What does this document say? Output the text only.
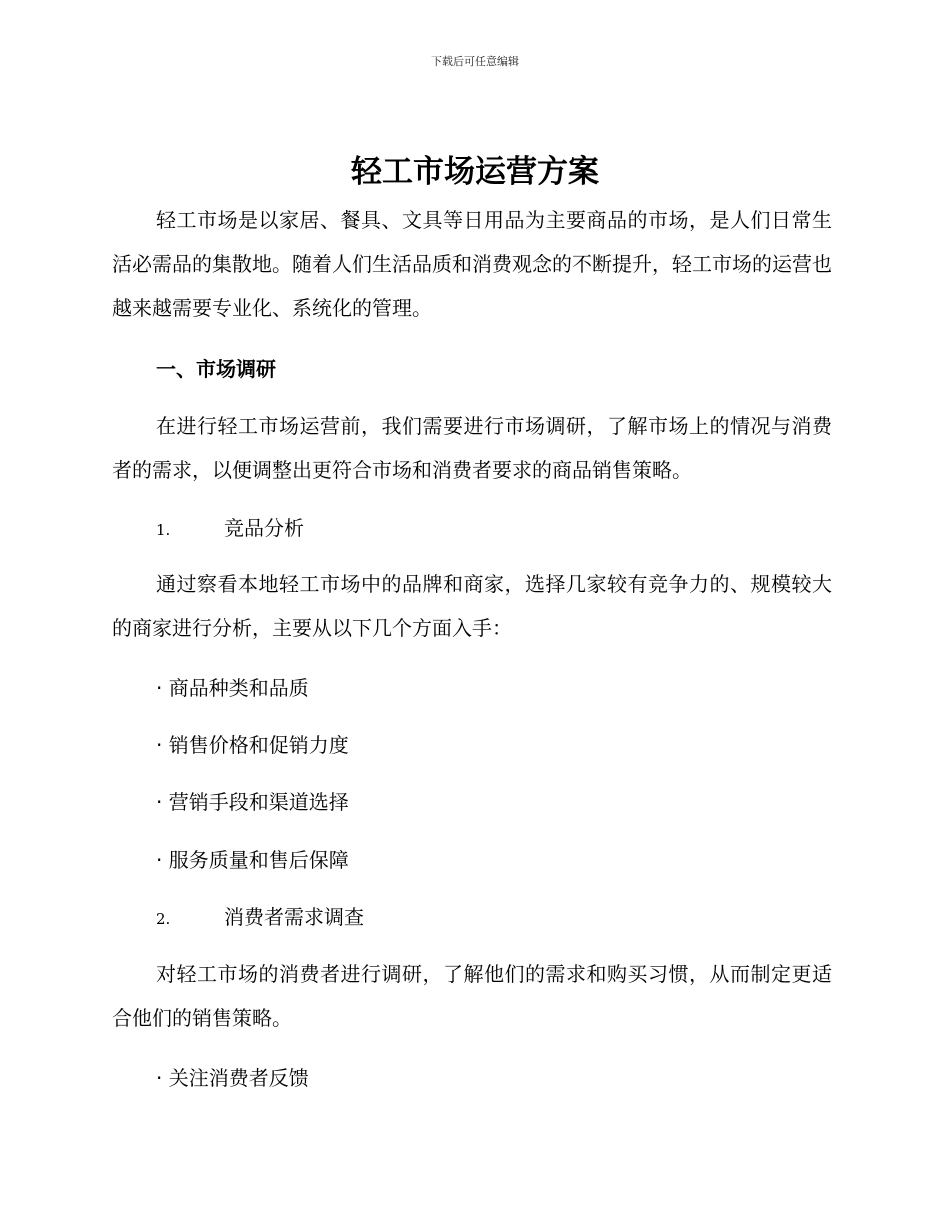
下载后可任意编辑
轻工市场运营方案

轻工市场是以家居、餐具、文具等日用品为主要商品的市场，是人们日常生活必需品的集散地。随着人们生活品质和消费观念的不断提升，轻工市场的运营也越来越需要专业化、系统化的管理。

一、市场调研

在进行轻工市场运营前，我们需要进行市场调研，了解市场上的情况与消费者的需求，以便调整出更符合市场和消费者要求的商品销售策略。

1.	竞品分析

通过察看本地轻工市场中的品牌和商家，选择几家较有竞争力的、规模较大的商家进行分析，主要从以下几个方面入手：

· 商品种类和品质

· 销售价格和促销力度

· 营销手段和渠道选择

· 服务质量和售后保障

2.	消费者需求调查

对轻工市场的消费者进行调研，了解他们的需求和购买习惯，从而制定更适合他们的销售策略。

· 关注消费者反馈
